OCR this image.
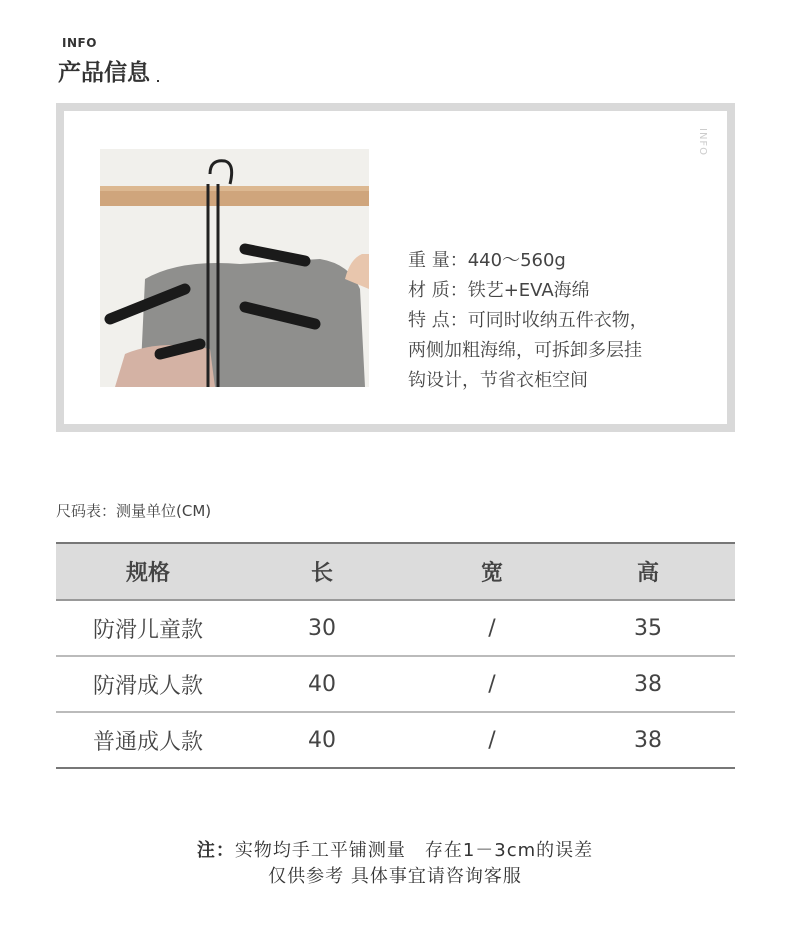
INFO
产品信息
INFO
重 量：440～560g
材 质：铁艺+EVA海绵
特 点：可同时收纳五件衣物，
两侧加粗海绵，可拆卸多层挂
钩设计，节省衣柜空间
尺码表：测量单位(CM)
规格	长	宽	高
防滑儿童款	30	/	35
防滑成人款	40	/	38
普通成人款	40	/	38
注：实物均手工平铺测量　存在1－3cm的误差
仅供参考 具体事宜请咨询客服
